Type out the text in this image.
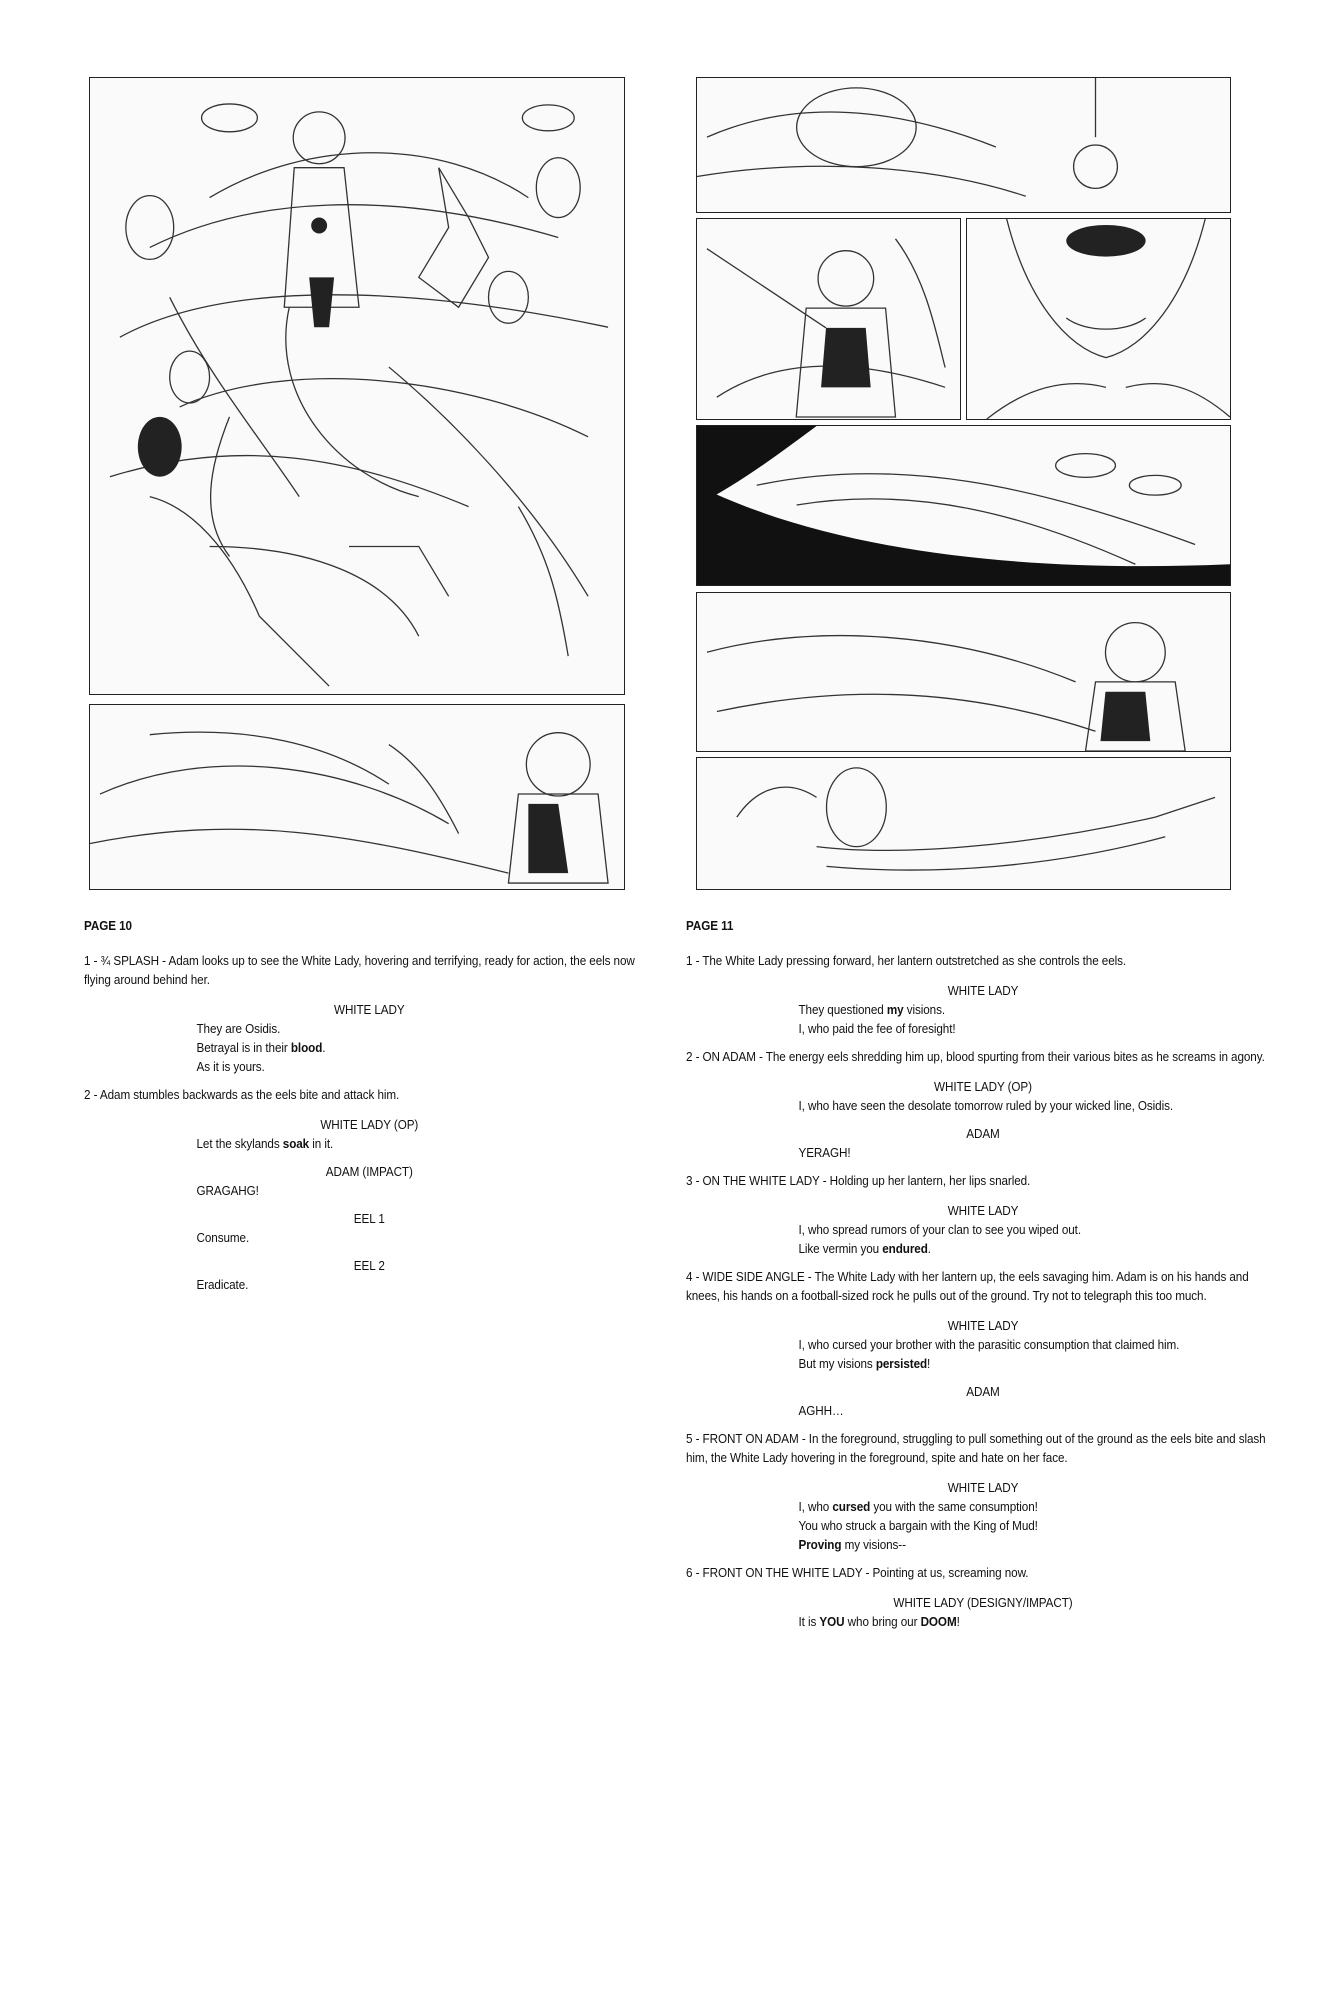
PAGE 10
1 - ¾ SPLASH - Adam looks up to see the White Lady, hovering and terrifying, ready for action, the eels now flying around behind her.
WHITE LADY
They are Osidis.
Betrayal is in their blood.
As it is yours.
2 - Adam stumbles backwards as the eels bite and attack him.
WHITE LADY (OP)
Let the skylands soak in it.
ADAM (IMPACT)
GRAGAHG!
EEL 1
Consume.
EEL 2
Eradicate.
PAGE 11
1 - The White Lady pressing forward, her lantern outstretched as she controls the eels.
WHITE LADY
They questioned my visions.
I, who paid the fee of foresight!
2 - ON ADAM - The energy eels shredding him up, blood spurting from their various bites as he screams in agony.
WHITE LADY (OP)
I, who have seen the desolate tomorrow ruled by your wicked line, Osidis.
ADAM
YERAGH!
3 - ON THE WHITE LADY - Holding up her lantern, her lips snarled.
WHITE LADY
I, who spread rumors of your clan to see you wiped out.
Like vermin you endured.
4 - WIDE SIDE ANGLE - The White Lady with her lantern up, the eels savaging him. Adam is on his hands and knees, his hands on a football-sized rock he pulls out of the ground. Try not to telegraph this too much.
WHITE LADY
I, who cursed your brother with the parasitic consumption that claimed him.
But my visions persisted!
ADAM
AGHH…
5 - FRONT ON ADAM - In the foreground, struggling to pull something out of the ground as the eels bite and slash him, the White Lady hovering in the foreground, spite and hate on her face.
WHITE LADY
I, who cursed you with the same consumption!
You who struck a bargain with the King of Mud!
Proving my visions--
6 - FRONT ON THE WHITE LADY - Pointing at us, screaming now.
WHITE LADY (DESIGNY/IMPACT)
It is YOU who bring our DOOM!
